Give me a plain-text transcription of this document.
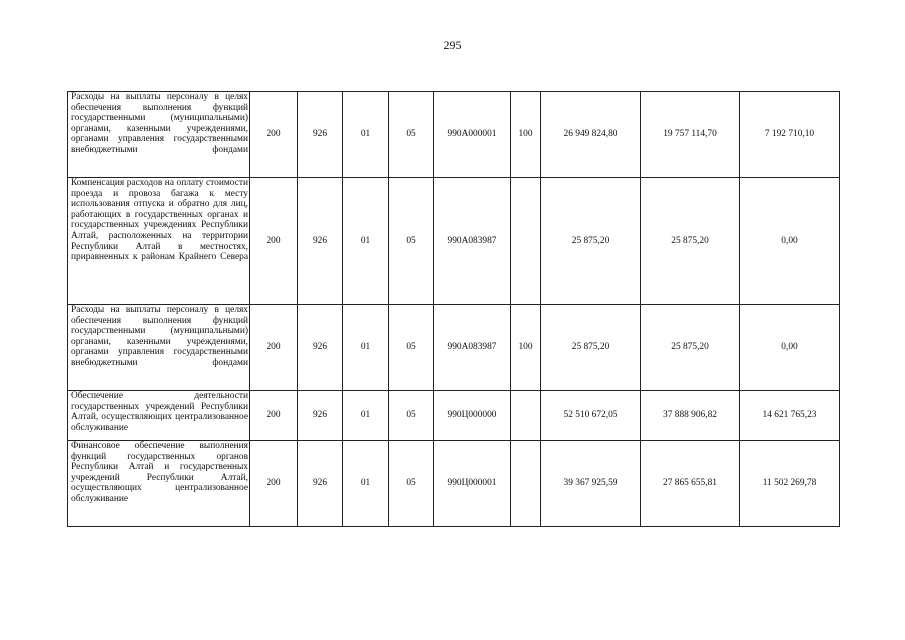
295
Расходы на выплаты персоналу в целях обеспечения выполнения функций государственными (муниципальными) органами, казенными учреждениями, органами управления государственными внебюджетными фондами	200	926	01	05	990A000001	100	26 949 824,80	19 757 114,70	7 192 710,10
Компенсация расходов на оплату стоимости проезда и провоза багажа к месту использования отпуска и обратно для лиц, работающих в государственных органах и государственных учреждениях Республики Алтай, расположенных на территории Республики Алтай в местностях, приравненных к районам Крайнего Севера	200	926	01	05	990A083987		25 875,20	25 875,20	0,00
Расходы на выплаты персоналу в целях обеспечения выполнения функций государственными (муниципальными) органами, казенными учреждениями, органами управления государственными внебюджетными фондами	200	926	01	05	990A083987	100	25 875,20	25 875,20	0,00
Обеспечение деятельности государственных учреждений Республики Алтай, осуществляющих централизованное обслуживание	200	926	01	05	990Ц000000		52 510 672,05	37 888 906,82	14 621 765,23
Финансовое обеспечение выполнения функций государственных органов Республики Алтай и государственных учреждений Республики Алтай, осуществляющих централизованное обслуживание	200	926	01	05	990Ц000001		39 367 925,59	27 865 655,81	11 502 269,78
